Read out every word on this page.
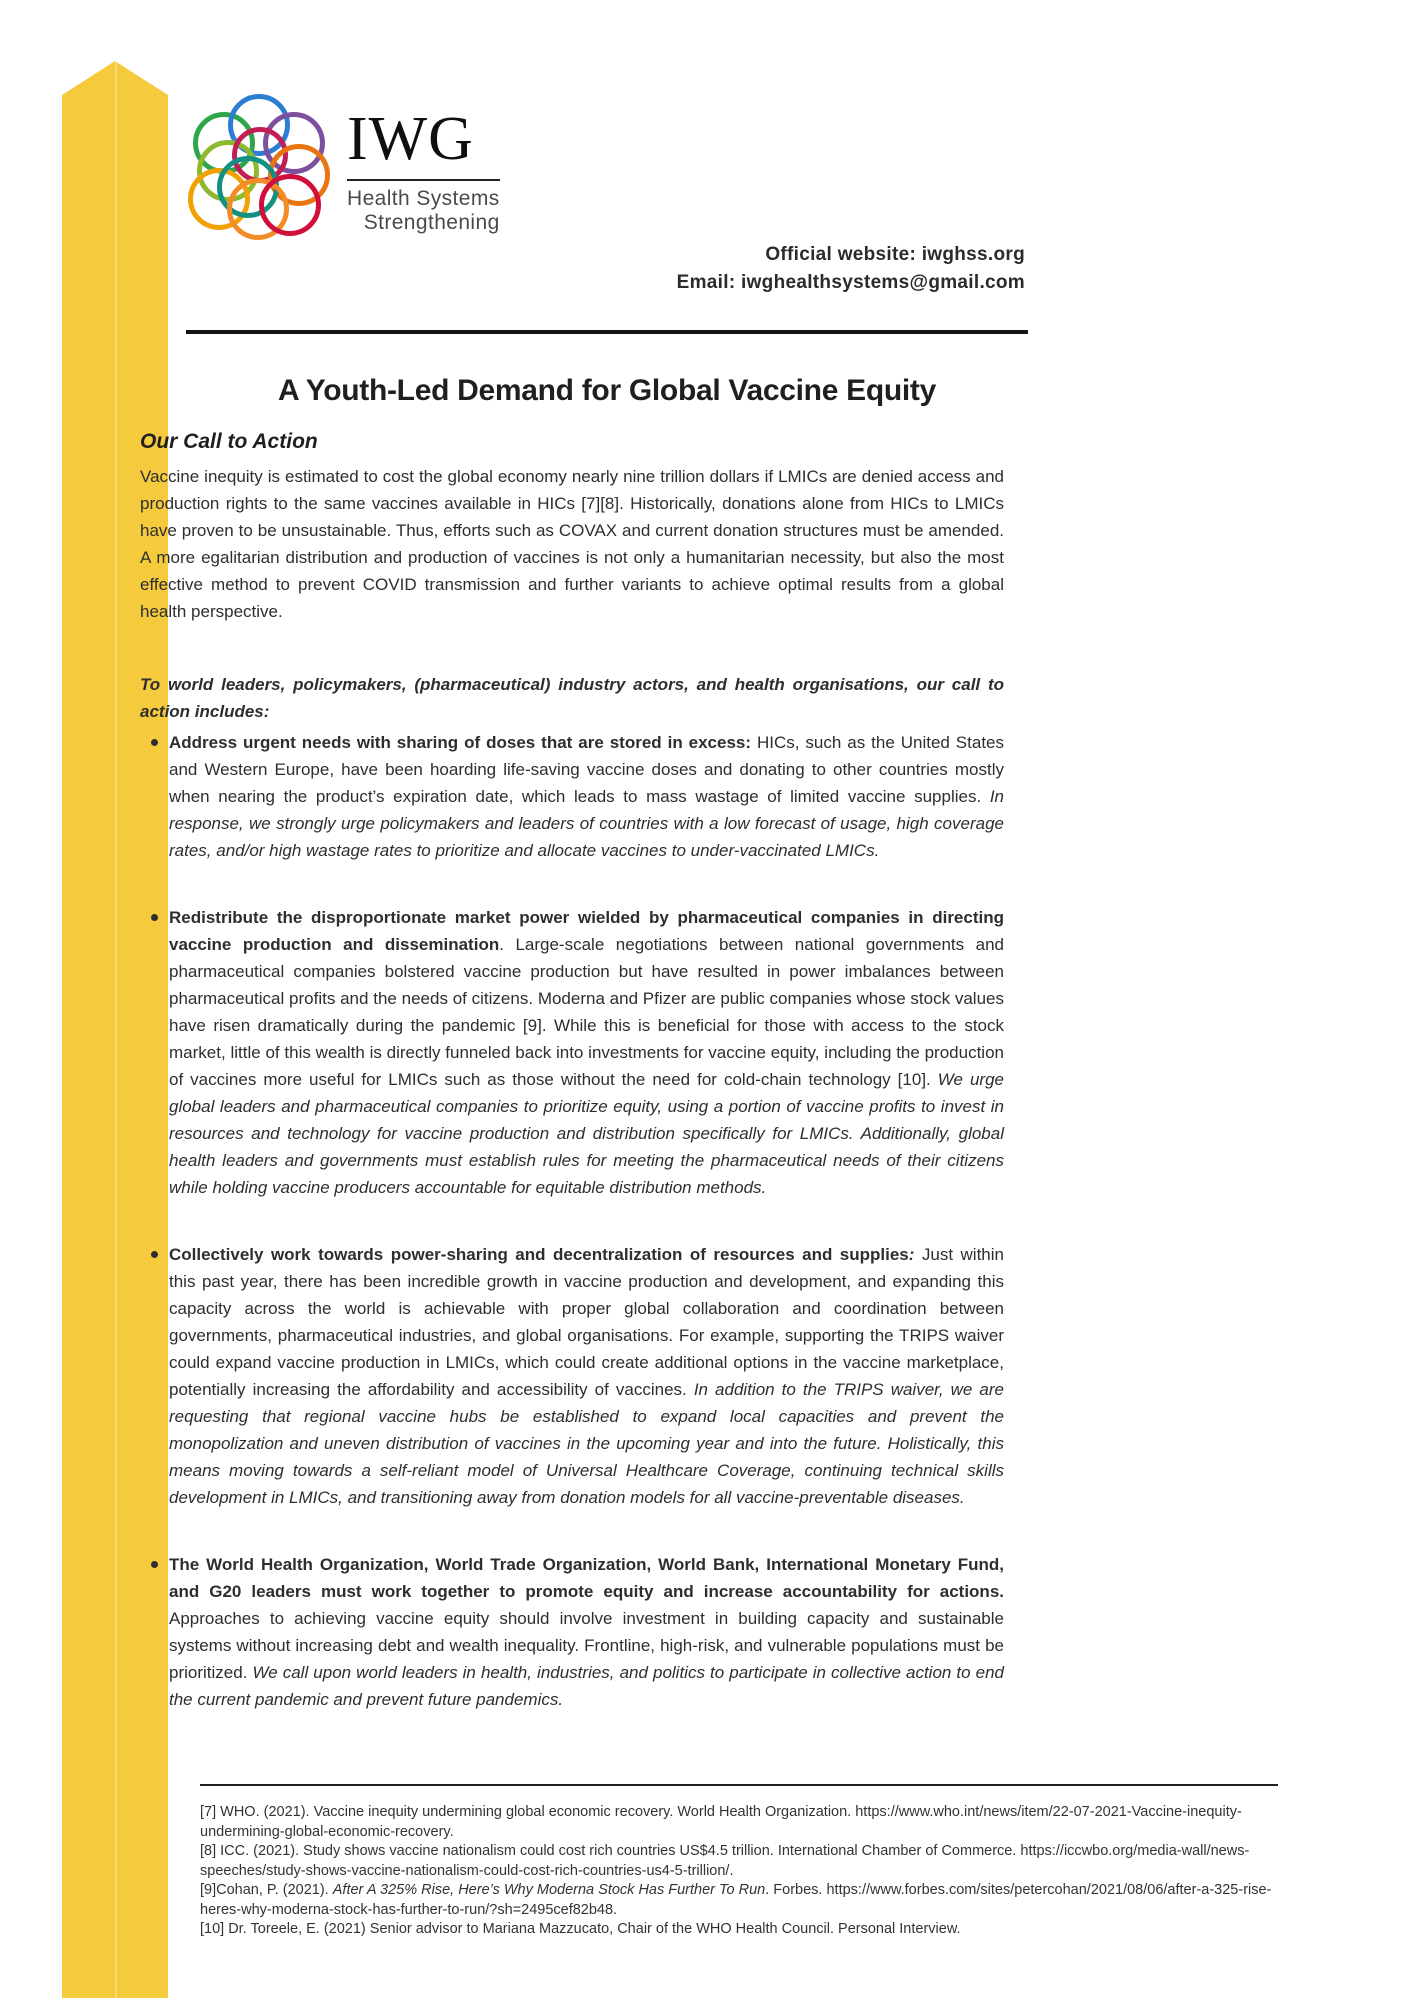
IWG
Health Systems
Strengthening
Official website: iwghss.org
Email: iwghealthsystems@gmail.com
A Youth-Led Demand for Global Vaccine Equity
Our Call to Action

Vaccine inequity is estimated to cost the global economy nearly nine trillion dollars if LMICs are denied access and production rights to the same vaccines available in HICs [7][8]. Historically, donations alone from HICs to LMICs have proven to be unsustainable. Thus, efforts such as COVAX and current donation structures must be amended. A more egalitarian distribution and production of vaccines is not only a humanitarian necessity, but also the most effective method to prevent COVID transmission and further variants to achieve optimal results from a global health perspective.

To world leaders, policymakers, (pharmaceutical) industry actors, and health organisations, our call to action includes:

Address urgent needs with sharing of doses that are stored in excess: HICs, such as the United States and Western Europe, have been hoarding life-saving vaccine doses and donating to other countries mostly when nearing the product’s expiration date, which leads to mass wastage of limited vaccine supplies. In response, we strongly urge policymakers and leaders of countries with a low forecast of usage, high coverage rates, and/or high wastage rates to prioritize and allocate vaccines to under-vaccinated LMICs.
Redistribute the disproportionate market power wielded by pharmaceutical companies in directing vaccine production and dissemination. Large-scale negotiations between national governments and pharmaceutical companies bolstered vaccine production but have resulted in power imbalances between pharmaceutical profits and the needs of citizens. Moderna and Pfizer are public companies whose stock values have risen dramatically during the pandemic [9]. While this is beneficial for those with access to the stock market, little of this wealth is directly funneled back into investments for vaccine equity, including the production of vaccines more useful for LMICs such as those without the need for cold-chain technology [10]. We urge global leaders and pharmaceutical companies to prioritize equity, using a portion of vaccine profits to invest in resources and technology for vaccine production and distribution specifically for LMICs. Additionally, global health leaders and governments must establish rules for meeting the pharmaceutical needs of their citizens while holding vaccine producers accountable for equitable distribution methods.
Collectively work towards power-sharing and decentralization of resources and supplies: Just within this past year, there has been incredible growth in vaccine production and development, and expanding this capacity across the world is achievable with proper global collaboration and coordination between governments, pharmaceutical industries, and global organisations. For example, supporting the TRIPS waiver could expand vaccine production in LMICs, which could create additional options in the vaccine marketplace, potentially increasing the affordability and accessibility of vaccines. In addition to the TRIPS waiver, we are requesting that regional vaccine hubs be established to expand local capacities and prevent the monopolization and uneven distribution of vaccines in the upcoming year and into the future. Holistically, this means moving towards a self-reliant model of Universal Healthcare Coverage, continuing technical skills development in LMICs, and transitioning away from donation models for all vaccine-preventable diseases.
The World Health Organization, World Trade Organization, World Bank, International Monetary Fund, and G20 leaders must work together to promote equity and increase accountability for actions. Approaches to achieving vaccine equity should involve investment in building capacity and sustainable systems without increasing debt and wealth inequality. Frontline, high-risk, and vulnerable populations must be prioritized. We call upon world leaders in health, industries, and politics to participate in collective action to end the current pandemic and prevent future pandemics.

[7] WHO. (2021). Vaccine inequity undermining global economic recovery. World Health Organization. https://www.who.int/news/item/22-07-2021-Vaccine-inequity-undermining-global-economic-recovery.

[8] ICC. (2021). Study shows vaccine nationalism could cost rich countries US$4.5 trillion. International Chamber of Commerce. https://iccwbo.org/media-wall/news-speeches/study-shows-vaccine-nationalism-could-cost-rich-countries-us4-5-trillion/.

[9]Cohan, P. (2021). After A 325% Rise, Here’s Why Moderna Stock Has Further To Run. Forbes. https://www.forbes.com/sites/petercohan/2021/08/06/after-a-325-rise-heres-why-moderna-stock-has-further-to-run/?sh=2495cef82b48.

[10] Dr. Toreele, E. (2021) Senior advisor to Mariana Mazzucato, Chair of the WHO Health Council. Personal Interview.
